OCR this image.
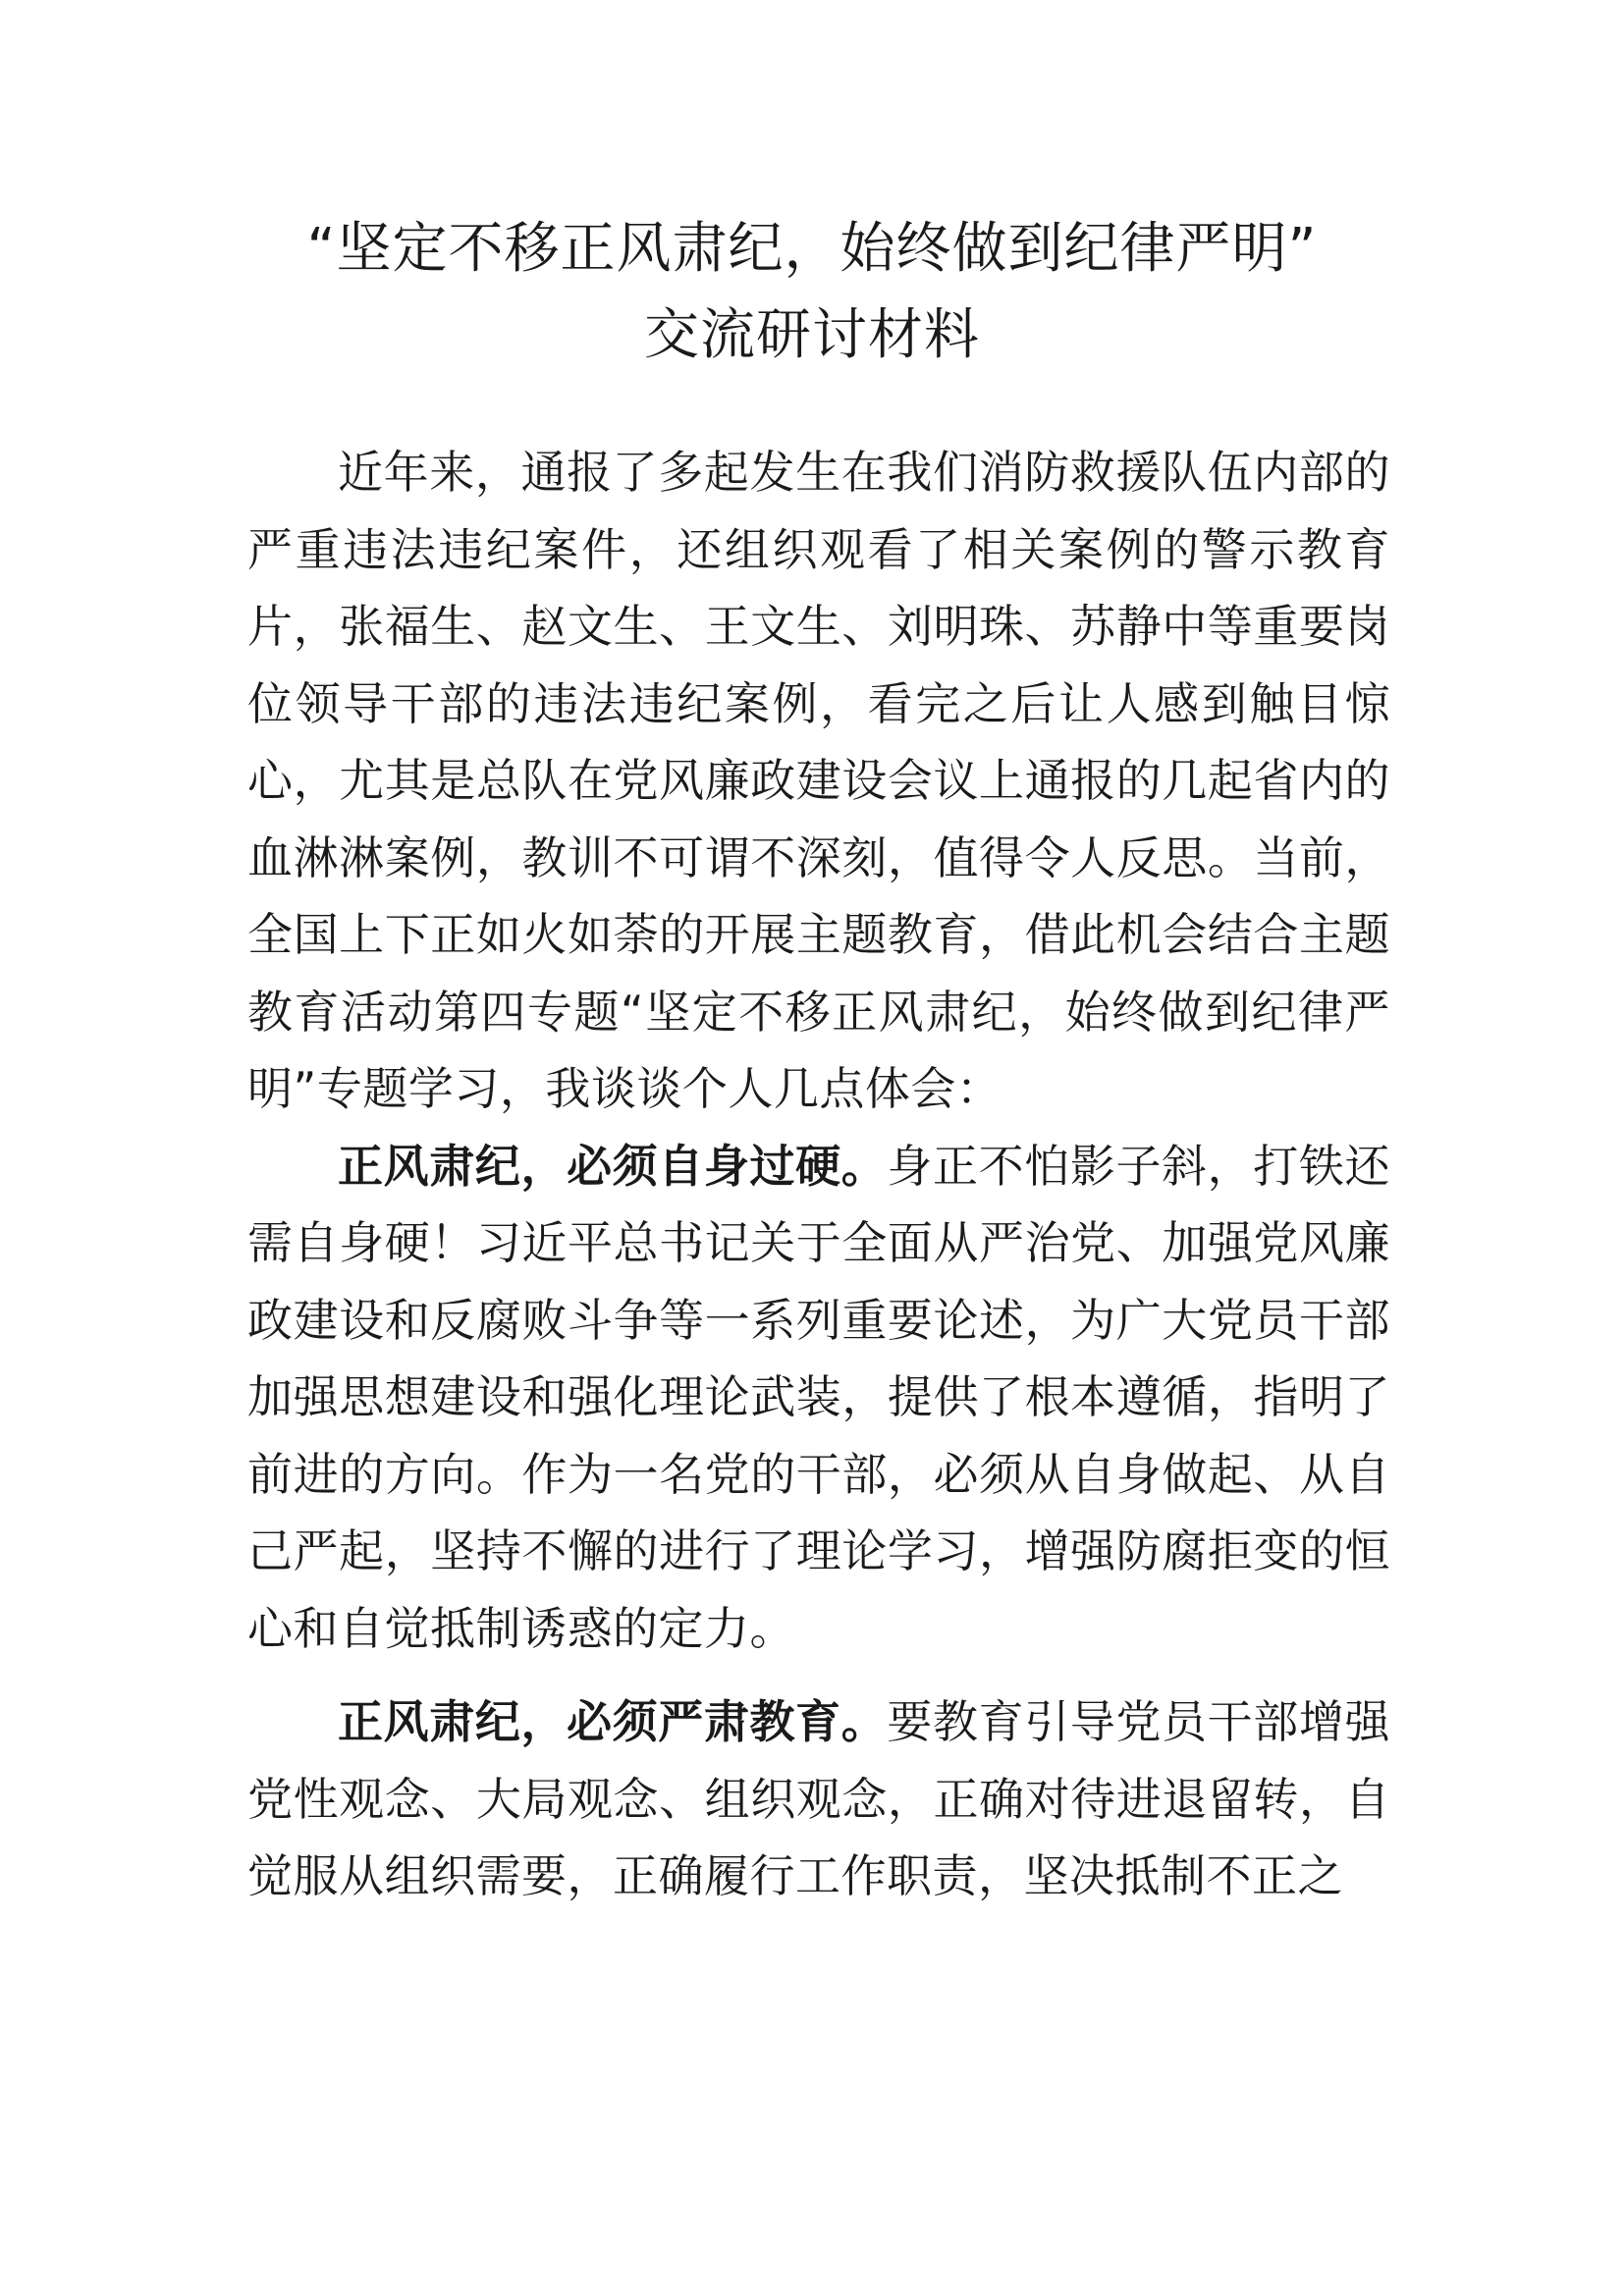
“坚定不移正风肃纪，始终做到纪律严明”
交流研讨材料

近年来，通报了多起发生在我们消防救援队伍内部的严重违法违纪案件，还组织观看了相关案例的警示教育片，张福生、赵文生、王文生、刘明珠、苏静中等重要岗位领导干部的违法违纪案例，看完之后让人感到触目惊心，尤其是总队在党风廉政建设会议上通报的几起省内的血淋淋案例，教训不可谓不深刻，值得令人反思。当前，全国上下正如火如荼的开展主题教育，借此机会结合主题教育活动第四专题“坚定不移正风肃纪，始终做到纪律严明”专题学习，我谈谈个人几点体会：

正风肃纪，必须自身过硬。身正不怕影子斜，打铁还需自身硬！习近平总书记关于全面从严治党、加强党风廉政建设和反腐败斗争等一系列重要论述，为广大党员干部加强思想建设和强化理论武装，提供了根本遵循，指明了前进的方向。作为一名党的干部，必须从自身做起、从自己严起，坚持不懈的进行了理论学习，增强防腐拒变的恒心和自觉抵制诱惑的定力。

正风肃纪，必须严肃教育。要教育引导党员干部增强党性观念、大局观念、组织观念，正确对待进退留转，自觉服从组织需要，正确履行工作职责，坚决抵制不正之
